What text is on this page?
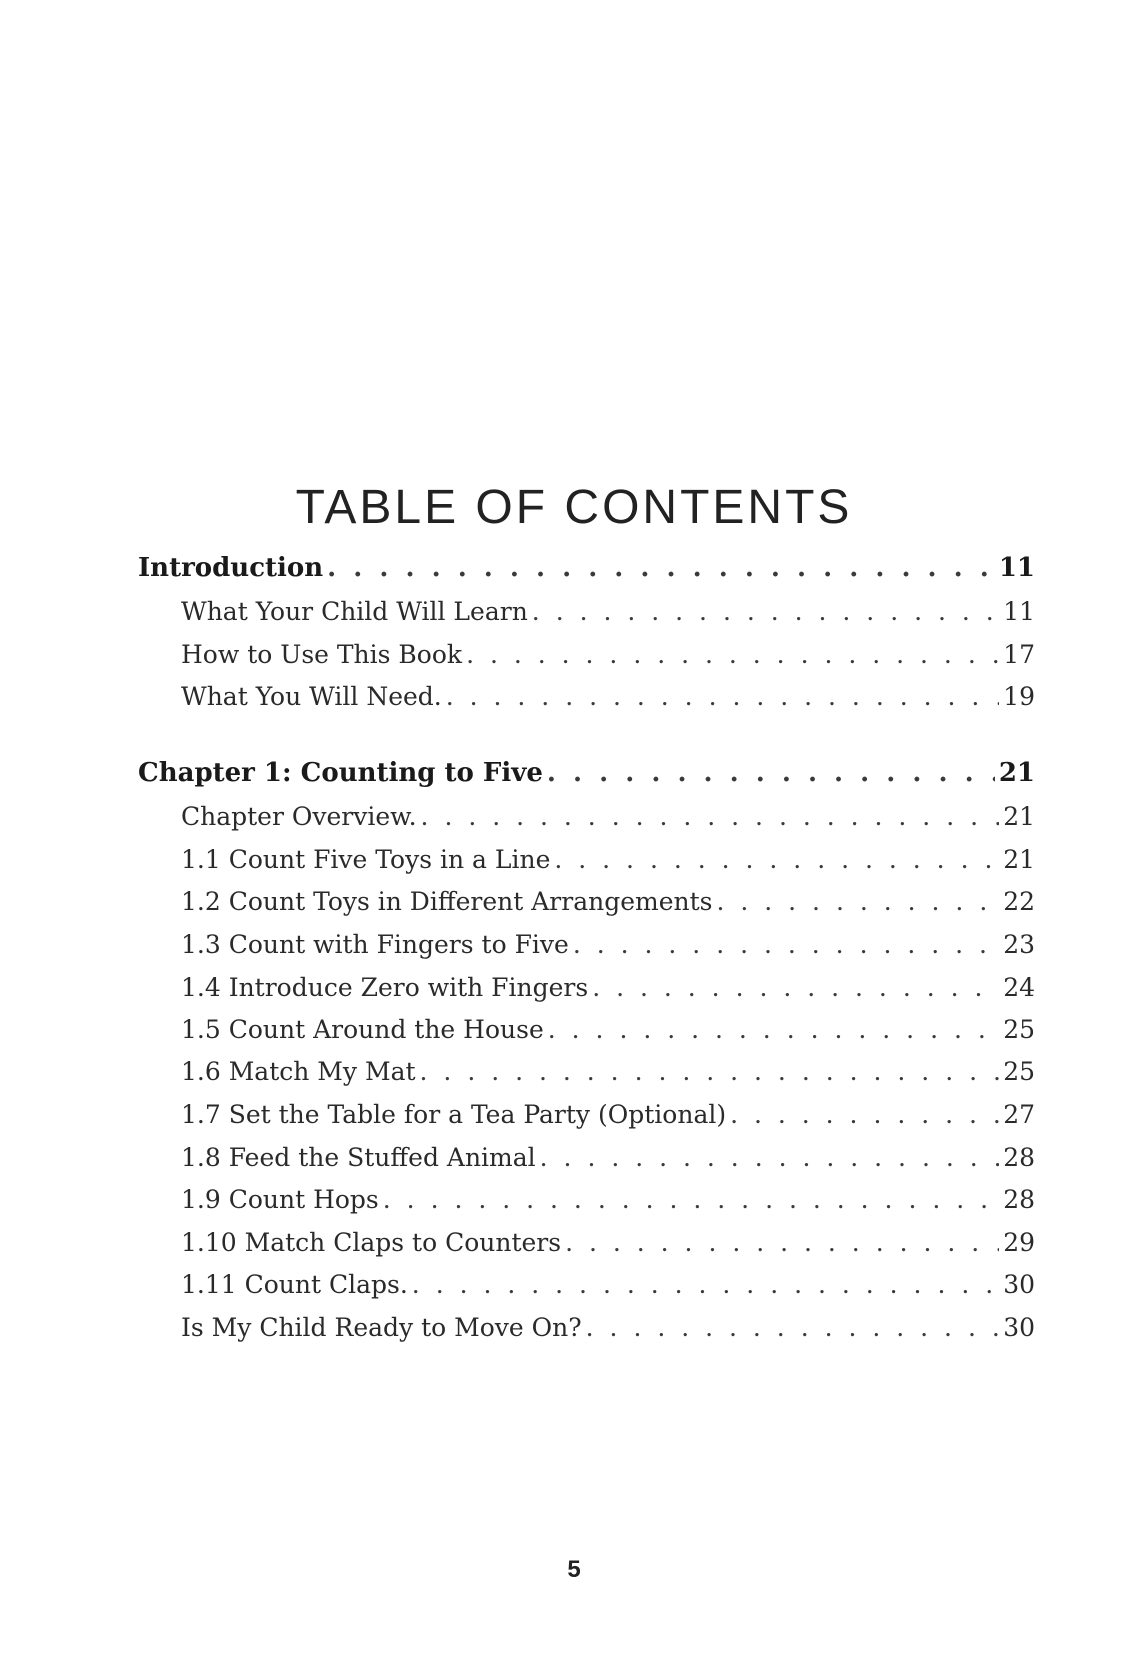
TABLE OF CONTENTS
Introduction . . .	11
What Your Child Will Learn . . .	11
How to Use This Book . . .	17
What You Will Need. . . .	19
Chapter 1: Counting to Five . . .	21
Chapter Overview. . . .	21
1.1 Count Five Toys in a Line . . .	21
1.2 Count Toys in Different Arrangements . . .	22
1.3 Count with Fingers to Five . . .	23
1.4 Introduce Zero with Fingers . . .	24
1.5 Count Around the House . . .	25
1.6 Match My Mat . . .	25
1.7 Set the Table for a Tea Party (Optional) . . .	27
1.8 Feed the Stuffed Animal . . .	28
1.9 Count Hops . . .	28
1.10 Match Claps to Counters . . .	29
1.11 Count Claps. . . .	30
Is My Child Ready to Move On? . . .	30
5
